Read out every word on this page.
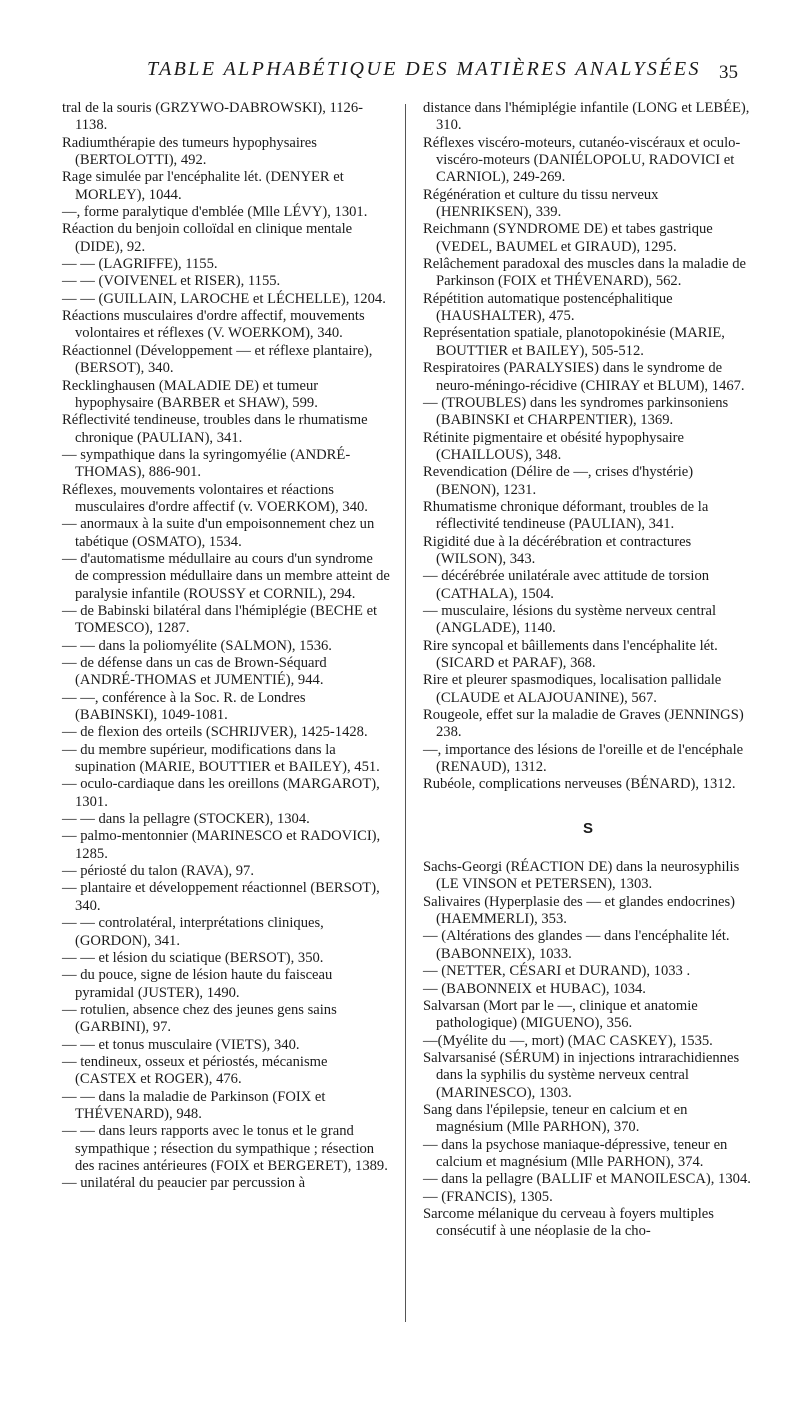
TABLE ALPHABÉTIQUE DES MATIÈRES ANALYSÉES 35

tral de la souris (GRZYWO-DABROWSKI), 1126-1138.

Radiumthérapie des tumeurs hypophysaires (BERTOLOTTI), 492.

Rage simulée par l'encéphalite lét. (DENYER et MORLEY), 1044.

—, forme paralytique d'emblée (Mlle LÉVY), 1301.

Réaction du benjoin colloïdal en clinique mentale (DIDE), 92.

— — (LAGRIFFE), 1155.

— — (VOIVENEL et RISER), 1155.

— — (GUILLAIN, LAROCHE et LÉCHELLE), 1204.

Réactions musculaires d'ordre affectif, mouvements volontaires et réflexes (V. WOERKOM), 340.

Réactionnel (Développement — et réflexe plantaire), (BERSOT), 340.

Recklinghausen (MALADIE DE) et tumeur hypophysaire (BARBER et SHAW), 599.

Réflectivité tendineuse, troubles dans le rhumatisme chronique (PAULIAN), 341.

— sympathique dans la syringomyélie (ANDRÉ-THOMAS), 886-901.

Réflexes, mouvements volontaires et réactions musculaires d'ordre affectif (v. VOERKOM), 340.

— anormaux à la suite d'un empoisonnement chez un tabétique (OSMATO), 1534.

— d'automatisme médullaire au cours d'un syndrome de compression médullaire dans un membre atteint de paralysie infantile (ROUSSY et CORNIL), 294.

— de Babinski bilatéral dans l'hémiplégie (BECHE et TOMESCO), 1287.

— — dans la poliomyélite (SALMON), 1536.

— de défense dans un cas de Brown-Séquard (ANDRÉ-THOMAS et JUMENTIÉ), 944.

— —, conférence à la Soc. R. de Londres (BABINSKI), 1049-1081.

— de flexion des orteils (SCHRIJVER), 1425-1428.

— du membre supérieur, modifications dans la supination (MARIE, BOUTTIER et BAILEY), 451.

— oculo-cardiaque dans les oreillons (MARGAROT), 1301.

— — dans la pellagre (STOCKER), 1304.

— palmo-mentonnier (MARINESCO et RADOVICI), 1285.

— périosté du talon (RAVA), 97.

— plantaire et développement réactionnel (BERSOT), 340.

— — controlatéral, interprétations cliniques, (GORDON), 341.

— — et lésion du sciatique (BERSOT), 350.

— du pouce, signe de lésion haute du faisceau pyramidal (JUSTER), 1490.

— rotulien, absence chez des jeunes gens sains (GARBINI), 97.

— — et tonus musculaire (VIETS), 340.

— tendineux, osseux et périostés, mécanisme (CASTEX et ROGER), 476.

— — dans la maladie de Parkinson (FOIX et THÉVENARD), 948.

— — dans leurs rapports avec le tonus et le grand sympathique ; résection du sympathique ; résection des racines antérieures (FOIX et BERGERET), 1389.

— unilatéral du peaucier par percussion à

distance dans l'hémiplégie infantile (LONG et LEBÉE), 310.

Réflexes viscéro-moteurs, cutanéo-viscéraux et oculo-viscéro-moteurs (DANIÉLOPOLU, RADOVICI et CARNIOL), 249-269.

Régénération et culture du tissu nerveux (HENRIKSEN), 339.

Reichmann (SYNDROME DE) et tabes gastrique (VEDEL, BAUMEL et GIRAUD), 1295.

Relâchement paradoxal des muscles dans la maladie de Parkinson (FOIX et THÉVENARD), 562.

Répétition automatique postencéphalitique (HAUSHALTER), 475.

Représentation spatiale, planotopokinésie (MARIE, BOUTTIER et BAILEY), 505-512.

Respiratoires (PARALYSIES) dans le syndrome de neuro-méningo-récidive (CHIRAY et BLUM), 1467.

— (TROUBLES) dans les syndromes parkinsoniens (BABINSKI et CHARPENTIER), 1369.

Rétinite pigmentaire et obésité hypophysaire (CHAILLOUS), 348.

Revendication (Délire de —, crises d'hystérie) (BENON), 1231.

Rhumatisme chronique déformant, troubles de la réflectivité tendineuse (PAULIAN), 341.

Rigidité due à la décérébration et contractures (WILSON), 343.

— décérébrée unilatérale avec attitude de torsion (CATHALA), 1504.

— musculaire, lésions du système nerveux central (ANGLADE), 1140.

Rire syncopal et bâillements dans l'encéphalite lét. (SICARD et PARAF), 368.

Rire et pleurer spasmodiques, localisation pallidale (CLAUDE et ALAJOUANINE), 567.

Rougeole, effet sur la maladie de Graves (JENNINGS) 238.

—, importance des lésions de l'oreille et de l'encéphale (RENAUD), 1312.

Rubéole, complications nerveuses (BÉNARD), 1312.

S

Sachs-Georgi (RÉACTION DE) dans la neurosyphilis (LE VINSON et PETERSEN), 1303.

Salivaires (Hyperplasie des — et glandes endocrines) (HAEMMERLI), 353.

— (Altérations des glandes — dans l'encéphalite lét. (BABONNEIX), 1033.

— (NETTER, CÉSARI et DURAND), 1033 .

— (BABONNEIX et HUBAC), 1034.

Salvarsan (Mort par le —, clinique et anatomie pathologique) (MIGUENO), 356.

—(Myélite du —, mort) (MAC CASKEY), 1535.

Salvarsanisé (SÉRUM) in injections intrarachidiennes dans la syphilis du système nerveux central (MARINESCO), 1303.

Sang dans l'épilepsie, teneur en calcium et en magnésium (Mlle PARHON), 370.

— dans la psychose maniaque-dépressive, teneur en calcium et magnésium (Mlle PARHON), 374.

— dans la pellagre (BALLIF et MANOILESCA), 1304.

— (FRANCIS), 1305.

Sarcome mélanique du cerveau à foyers multiples consécutif à une néoplasie de la cho-
